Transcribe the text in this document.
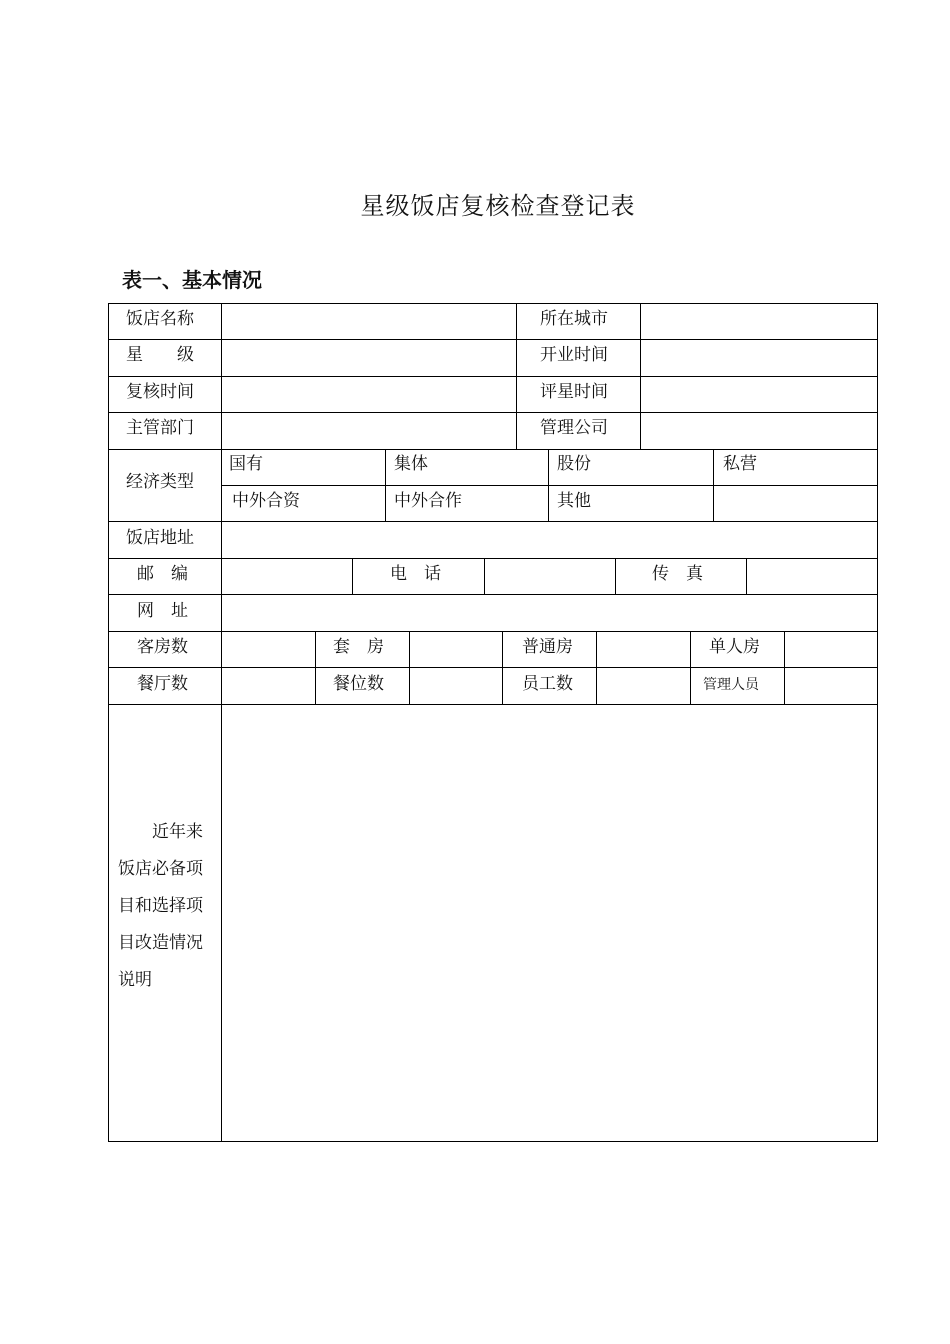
星级饭店复核检查登记表
表一、基本情况
饭店名称	所在城市
星　　级	开业时间
复核时间	评星时间
主管部门	管理公司
经济类型
国有	集体	股份	私营
中外合资	中外合作	其他
饭店地址
邮　编	电　话	传　真
网　址
客房数	套　房	普通房	单人房
餐厅数	餐位数	员工数	管理人员
近年来饭店必备项目和选择项目改造情况说明
